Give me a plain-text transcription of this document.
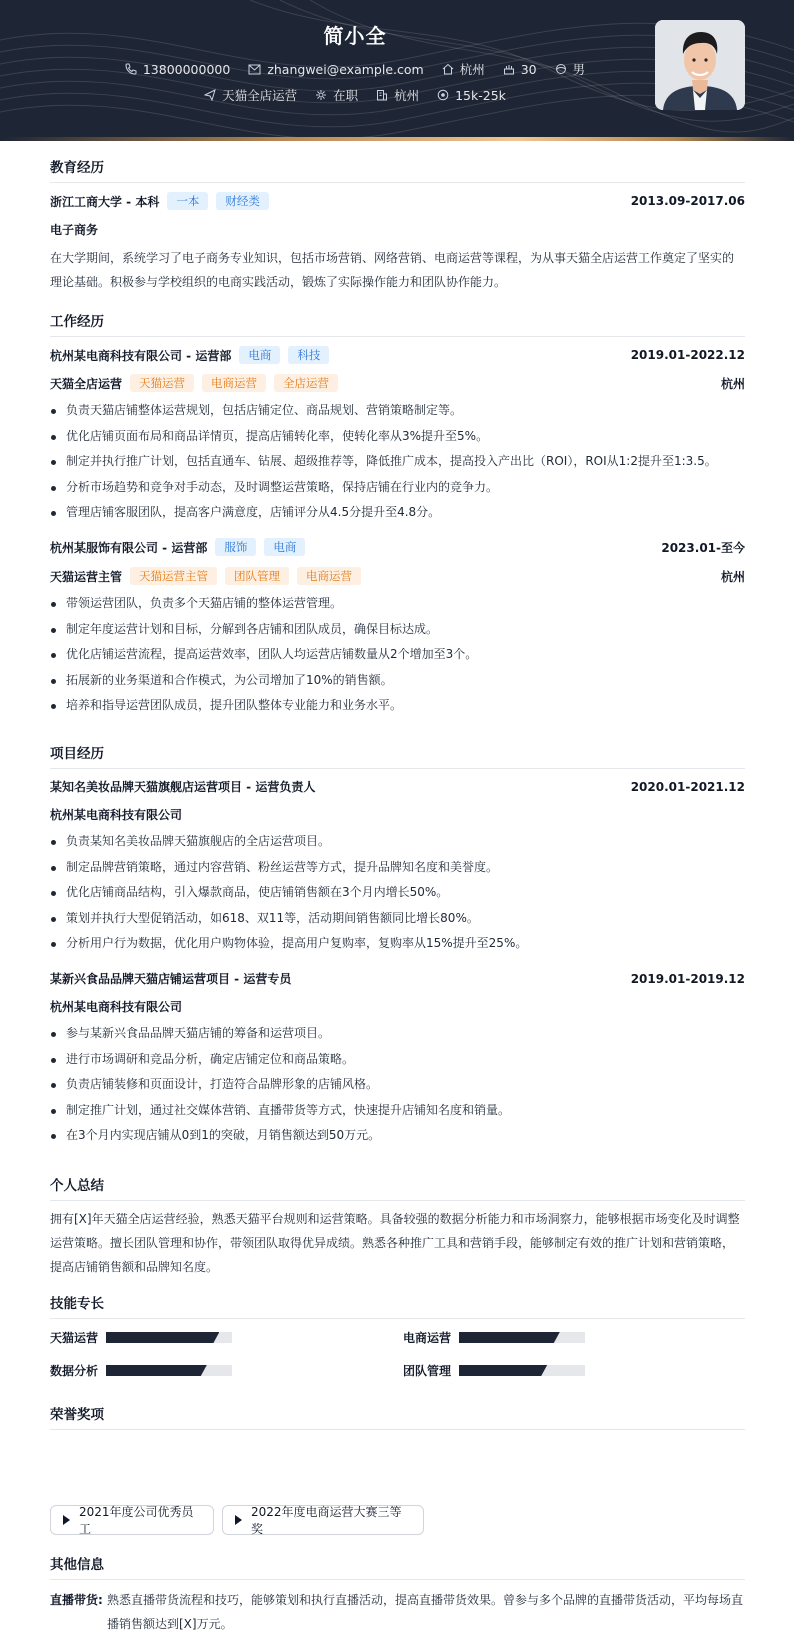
简小全
13800000000	zhangwei@example.com	杭州	30	男
天猫全店运营	在职	杭州	15k-25k
教育经历
浙江工商大学 - 本科	一本	财经类	2013.09-2017.06
电子商务
在大学期间，系统学习了电子商务专业知识，包括市场营销、网络营销、电商运营等课程，为从事天猫全店运营工作奠定了坚实的理论基础。积极参与学校组织的电商实践活动，锻炼了实际操作能力和团队协作能力。
工作经历
杭州某电商科技有限公司 - 运营部	电商	科技	2019.01-2022.12
天猫全店运营	天猫运营	电商运营	全店运营	杭州
负责天猫店铺整体运营规划，包括店铺定位、商品规划、营销策略制定等。
优化店铺页面布局和商品详情页，提高店铺转化率，使转化率从3%提升至5%。
制定并执行推广计划，包括直通车、钻展、超级推荐等，降低推广成本，提高投入产出比（ROI），ROI从1:2提升至1:3.5。
分析市场趋势和竞争对手动态，及时调整运营策略，保持店铺在行业内的竞争力。
管理店铺客服团队，提高客户满意度，店铺评分从4.5分提升至4.8分。
杭州某服饰有限公司 - 运营部	服饰	电商	2023.01-至今
天猫运营主管	天猫运营主管	团队管理	电商运营	杭州
带领运营团队，负责多个天猫店铺的整体运营管理。
制定年度运营计划和目标，分解到各店铺和团队成员，确保目标达成。
优化店铺运营流程，提高运营效率，团队人均运营店铺数量从2个增加至3个。
拓展新的业务渠道和合作模式，为公司增加了10%的销售额。
培养和指导运营团队成员，提升团队整体专业能力和业务水平。
项目经历
某知名美妆品牌天猫旗舰店运营项目 - 运营负责人	2020.01-2021.12
杭州某电商科技有限公司
负责某知名美妆品牌天猫旗舰店的全店运营项目。
制定品牌营销策略，通过内容营销、粉丝运营等方式，提升品牌知名度和美誉度。
优化店铺商品结构，引入爆款商品，使店铺销售额在3个月内增长50%。
策划并执行大型促销活动，如618、双11等，活动期间销售额同比增长80%。
分析用户行为数据，优化用户购物体验，提高用户复购率，复购率从15%提升至25%。
某新兴食品品牌天猫店铺运营项目 - 运营专员	2019.01-2019.12
杭州某电商科技有限公司
参与某新兴食品品牌天猫店铺的筹备和运营项目。
进行市场调研和竞品分析，确定店铺定位和商品策略。
负责店铺装修和页面设计，打造符合品牌形象的店铺风格。
制定推广计划，通过社交媒体营销、直播带货等方式，快速提升店铺知名度和销量。
在3个月内实现店铺从0到1的突破，月销售额达到50万元。
个人总结
拥有[X]年天猫全店运营经验，熟悉天猫平台规则和运营策略。具备较强的数据分析能力和市场洞察力，能够根据市场变化及时调整运营策略。擅长团队管理和协作，带领团队取得优异成绩。熟悉各种推广工具和营销手段，能够制定有效的推广计划和营销策略，提高店铺销售额和品牌知名度。
技能专长
天猫运营	电商运营
数据分析	团队管理
荣誉奖项
2021年度公司优秀员工
2022年度电商运营大赛三等奖
其他信息
直播带货: 熟悉直播带货流程和技巧，能够策划和执行直播活动，提高直播带货效果。曾参与多个品牌的直播带货活动，平均每场直播销售额达到[X]万元。
